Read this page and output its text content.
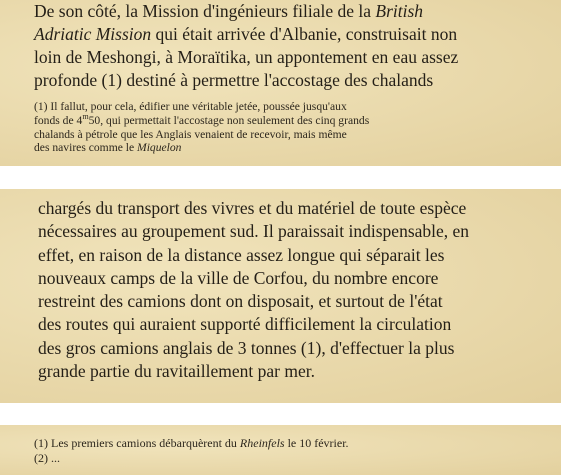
De son côté, la Mission d'ingénieurs filiale de la British

Adriatic Mission qui était arrivée d'Albanie, construisait non

loin de Meshongi, à Moraïtika, un appontement en eau assez

profonde (1) destiné à permettre l'accostage des chalands

(1) Il fallut, pour cela, édifier une véritable jetée, poussée jusqu'aux
fonds de 4$^m$50, qui permettait l'accostage non seulement des cinq grands
chalands à pétrole que les Anglais venaient de recevoir, mais même
des navires comme le Miquelon

chargés du transport des vivres et du matériel de toute espèce

nécessaires au groupement sud. Il paraissait indispensable, en

effet, en raison de la distance assez longue qui séparait les

nouveaux camps de la ville de Corfou, du nombre encore

restreint des camions dont on disposait, et surtout de l'état

des routes qui auraient supporté difficilement la circulation

des gros camions anglais de 3 tonnes (1), d'effectuer la plus

grande partie du ravitaillement par mer.

(1) Les premiers camions débarquèrent du Rheinfels le 10 février.
(2) ...
